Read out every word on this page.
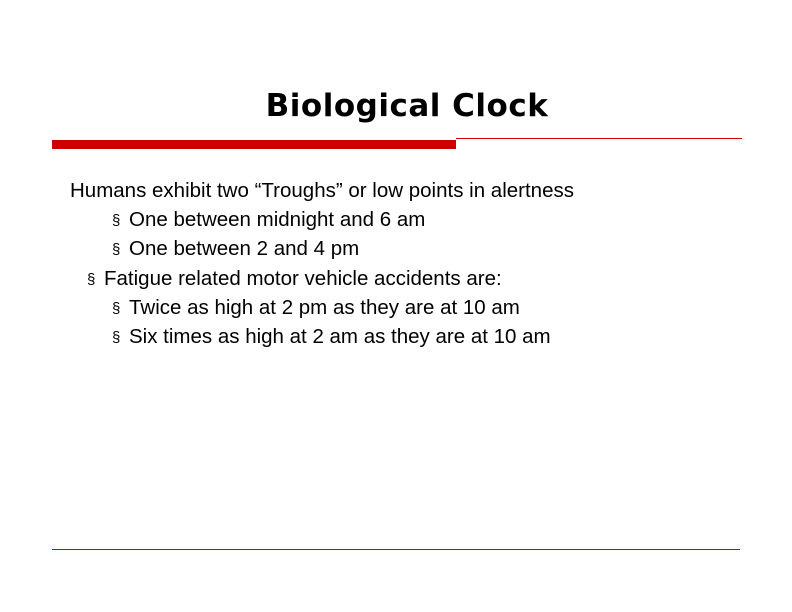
Biological Clock
Humans exhibit two “Troughs” or low points in alertness
§ One between midnight and 6 am
§ One between 2 and 4 pm
§ Fatigue related motor vehicle accidents are:
§ Twice as high at 2 pm as they are at 10 am
§ Six times as high at 2 am as they are at 10 am
